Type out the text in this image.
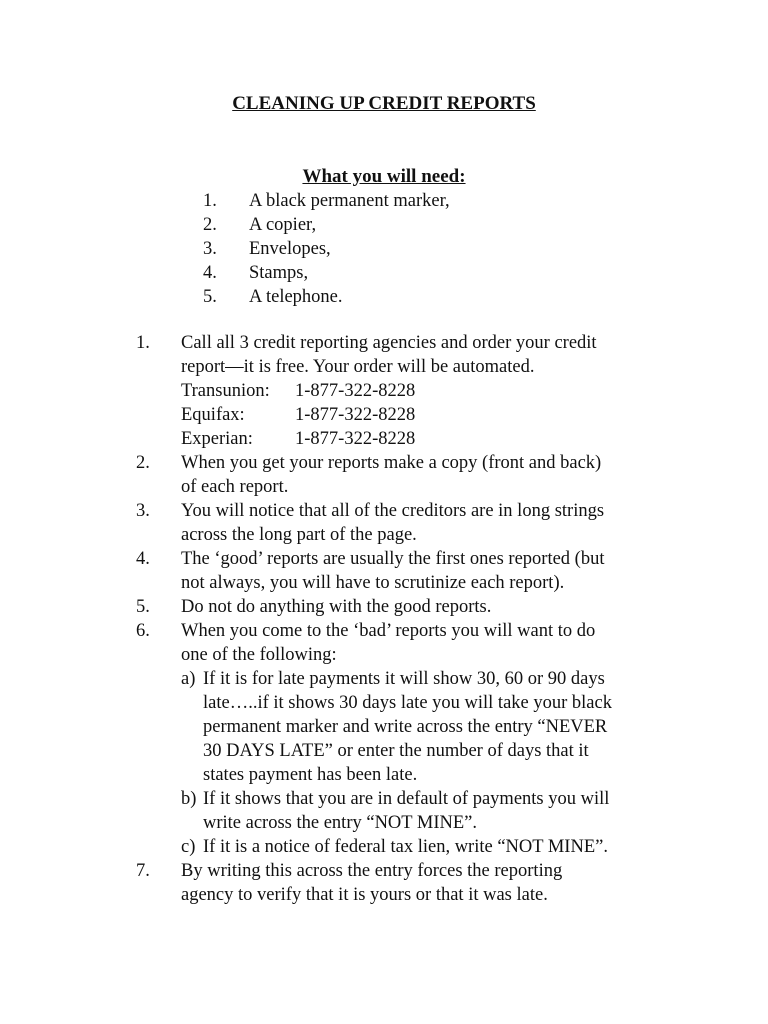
CLEANING UP CREDIT REPORTS
What you will need:
1. A black permanent marker,
2. A copier,
3. Envelopes,
4. Stamps,
5. A telephone.
1. Call all 3 credit reporting agencies and order your credit
report—it is free. Your order will be automated.
Transunion: 1-877-322-8228
Equifax:	1-877-322-8228
Experian: 1-877-322-8228
2. When you get your reports make a copy (front and back)
of each report.
3. You will notice that all of the creditors are in long strings
across the long part of the page.
4. The ‘good’ reports are usually the first ones reported (but
not always, you will have to scrutinize each report).
5. Do not do anything with the good reports.
6. When you come to the ‘bad’ reports you will want to do
one of the following:
a) If it is for late payments it will show 30, 60 or 90 days
late…..if it shows 30 days late you will take your black
permanent marker and write across the entry “NEVER
30 DAYS LATE” or enter the number of days that it
states payment has been late.
b) If it shows that you are in default of payments you will
write across the entry “NOT MINE”.
c) If it is a notice of federal tax lien, write “NOT MINE”.
7. By writing this across the entry forces the reporting
agency to verify that it is yours or that it was late.
